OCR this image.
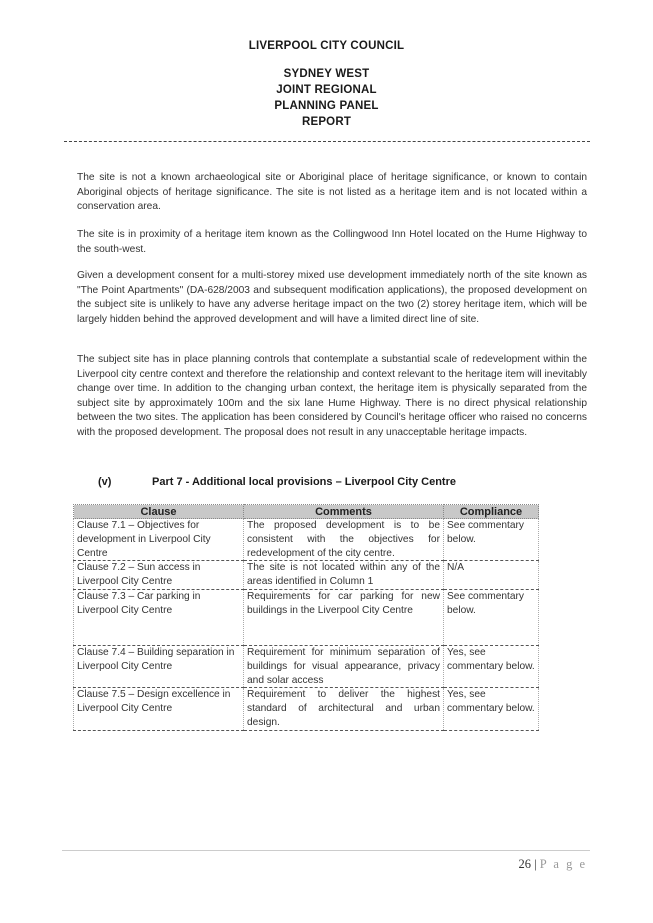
LIVERPOOL CITY COUNCIL
SYDNEY WEST
JOINT REGIONAL
PLANNING PANEL
REPORT

The site is not a known archaeological site or Aboriginal place of heritage significance, or known to contain Aboriginal objects of heritage significance. The site is not listed as a heritage item and is not located within a conservation area.

The site is in proximity of a heritage item known as the Collingwood Inn Hotel located on the Hume Highway to the south-west.

Given a development consent for a multi-storey mixed use development immediately north of the site known as "The Point Apartments" (DA-628/2003 and subsequent modification applications), the proposed development on the subject site is unlikely to have any adverse heritage impact on the two (2) storey heritage item, which will be largely hidden behind the approved development and will have a limited direct line of site.

The subject site has in place planning controls that contemplate a substantial scale of redevelopment within the Liverpool city centre context and therefore the relationship and context relevant to the heritage item will inevitably change over time. In addition to the changing urban context, the heritage item is physically separated from the subject site by approximately 100m and the six lane Hume Highway. There is no direct physical relationship between the two sites. The application has been considered by Council's heritage officer who raised no concerns with the proposed development. The proposal does not result in any unacceptable heritage impacts.

(v)	Part 7 - Additional local provisions – Liverpool City Centre
Clause	Comments	Compliance
Clause 7.1 – Objectives for development in Liverpool City Centre	The proposed development is to be consistent with the objectives for redevelopment of the city centre.	See commentary below.
Clause 7.2 – Sun access in Liverpool City Centre	The site is not located within any of the areas identified in Column 1	N/A
Clause 7.3 – Car parking in Liverpool City Centre	Requirements for car parking for new buildings in the Liverpool City Centre	See commentary below.
Clause 7.4 – Building separation in Liverpool City Centre	Requirement for minimum separation of buildings for visual appearance, privacy and solar access	Yes, see commentary below.
Clause 7.5 – Design excellence in Liverpool City Centre	Requirement to deliver the highest standard of architectural and urban design.	Yes, see commentary below.
26 | P a g e
